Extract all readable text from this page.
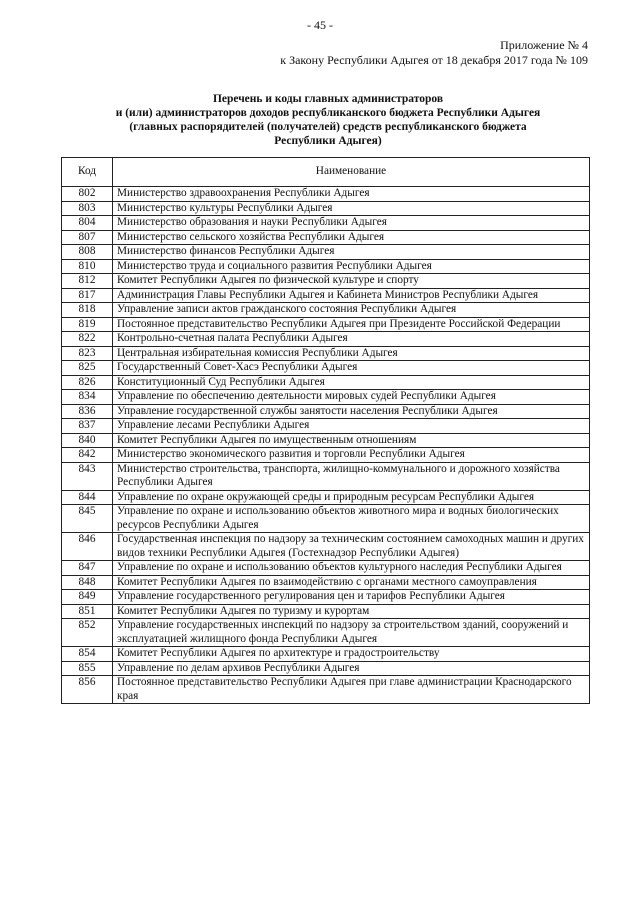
- 45 -
Приложение № 4
к Закону Республики Адыгея от 18 декабря 2017 года № 109
Перечень и коды главных администраторов
и (или) администраторов доходов республиканского бюджета Республики Адыгея
(главных распорядителей (получателей) средств республиканского бюджета
Республики Адыгея)
Код	Наименование
802	Министерство здравоохранения Республики Адыгея
803	Министерство культуры Республики Адыгея
804	Министерство образования и науки Республики Адыгея
807	Министерство сельского хозяйства Республики Адыгея
808	Министерство финансов Республики Адыгея
810	Министерство труда и социального развития Республики Адыгея
812	Комитет Республики Адыгея по физической культуре и спорту
817	Администрация Главы Республики Адыгея и Кабинета Министров Республики Адыгея
818	Управление записи актов гражданского состояния Республики Адыгея
819	Постоянное представительство Республики Адыгея при Президенте Российской Федерации
822	Контрольно-счетная палата Республики Адыгея
823	Центральная избирательная комиссия Республики Адыгея
825	Государственный Совет-Хасэ Республики Адыгея
826	Конституционный Суд Республики Адыгея
834	Управление по обеспечению деятельности мировых судей Республики Адыгея
836	Управление государственной службы занятости населения Республики Адыгея
837	Управление лесами Республики Адыгея
840	Комитет Республики Адыгея по имущественным отношениям
842	Министерство экономического развития и торговли Республики Адыгея
843	Министерство строительства, транспорта, жилищно-коммунального и дорожного хозяйства Республики Адыгея
844	Управление по охране окружающей среды и природным ресурсам Республики Адыгея
845	Управление по охране и использованию объектов животного мира и водных биологических ресурсов Республики Адыгея
846	Государственная инспекция по надзору за техническим состоянием самоходных машин и других видов техники Республики Адыгея (Гостехнадзор Республики Адыгея)
847	Управление по охране и использованию объектов культурного наследия Республики Адыгея
848	Комитет Республики Адыгея по взаимодействию с органами местного самоуправления
849	Управление государственного регулирования цен и тарифов Республики Адыгея
851	Комитет Республики Адыгея по туризму и курортам
852	Управление государственных инспекций по надзору за строительством зданий, сооружений и эксплуатацией жилищного фонда Республики Адыгея
854	Комитет Республики Адыгея по архитектуре и градостроительству
855	Управление по делам архивов Республики Адыгея
856	Постоянное представительство Республики Адыгея при главе администрации Краснодарского края
